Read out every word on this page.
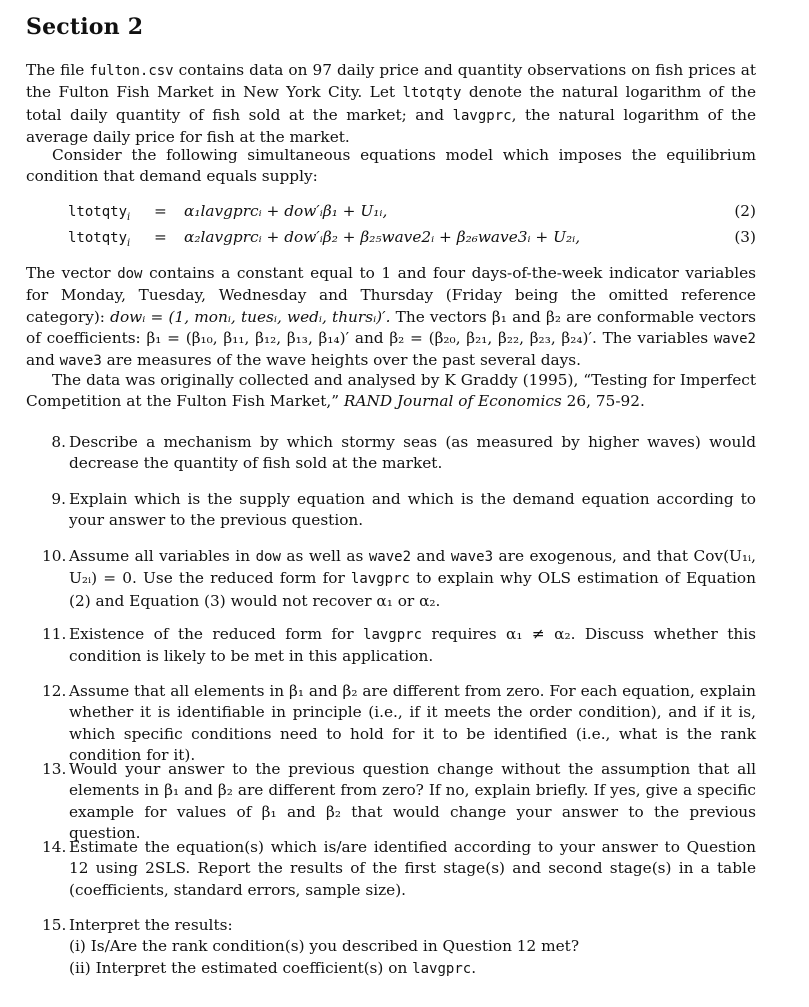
Section 2

The file fulton.csv contains data on 97 daily price and quantity observations on fish prices at the Fulton Fish Market in New York City. Let ltotqty denote the natural logarithm of the total daily quantity of fish sold at the market; and lavgprc, the natural logarithm of the average daily price for fish at the market.

Consider the following simultaneous equations model which imposes the equilibrium condition that demand equals supply:

ltotqty$_i$ = α₁lavgprcᵢ + dow′ᵢβ₁ + U₁ᵢ,	(2)
ltotqty$_i$ = α₂lavgprcᵢ + dow′ᵢβ₂ + β₂₅wave2ᵢ + β₂₆wave3ᵢ + U₂ᵢ,	(3)

The vector dow contains a constant equal to 1 and four days-of-the-week indicator variables for Monday, Tuesday, Wednesday and Thursday (Friday being the omitted reference category): dowᵢ = (1, monᵢ, tuesᵢ, wedᵢ, thursᵢ)′. The vectors β₁ and β₂ are conformable vectors of coefficients: β₁ = (β₁₀, β₁₁, β₁₂, β₁₃, β₁₄)′ and β₂ = (β₂₀, β₂₁, β₂₂, β₂₃, β₂₄)′. The variables wave2 and wave3 are measures of the wave heights over the past several days.

The data was originally collected and analysed by K Graddy (1995), “Testing for Imperfect Competition at the Fulton Fish Market,” RAND Journal of Economics 26, 75-92.

8. Describe a mechanism by which stormy seas (as measured by higher waves) would decrease the quantity of fish sold at the market.
9. Explain which is the supply equation and which is the demand equation according to your answer to the previous question.
10. Assume all variables in dow as well as wave2 and wave3 are exogenous, and that Cov(U₁ᵢ, U₂ᵢ) = 0. Use the reduced form for lavgprc to explain why OLS estimation of Equation (2) and Equation (3) would not recover α₁ or α₂.
11. Existence of the reduced form for lavgprc requires α₁ ≠ α₂. Discuss whether this condition is likely to be met in this application.
12. Assume that all elements in β₁ and β₂ are different from zero. For each equation, explain whether it is identifiable in principle (i.e., if it meets the order condition), and if it is, which specific conditions need to hold for it to be identified (i.e., what is the rank condition for it).
13. Would your answer to the previous question change without the assumption that all elements in β₁ and β₂ are different from zero? If no, explain briefly. If yes, give a specific example for values of β₁ and β₂ that would change your answer to the previous question.
14. Estimate the equation(s) which is/are identified according to your answer to Question 12 using 2SLS. Report the results of the first stage(s) and second stage(s) in a table (coefficients, standard errors, sample size).
15. Interpret the results:
(i) Is/Are the rank condition(s) you described in Question 12 met?
(ii) Interpret the estimated coefficient(s) on lavgprc.
